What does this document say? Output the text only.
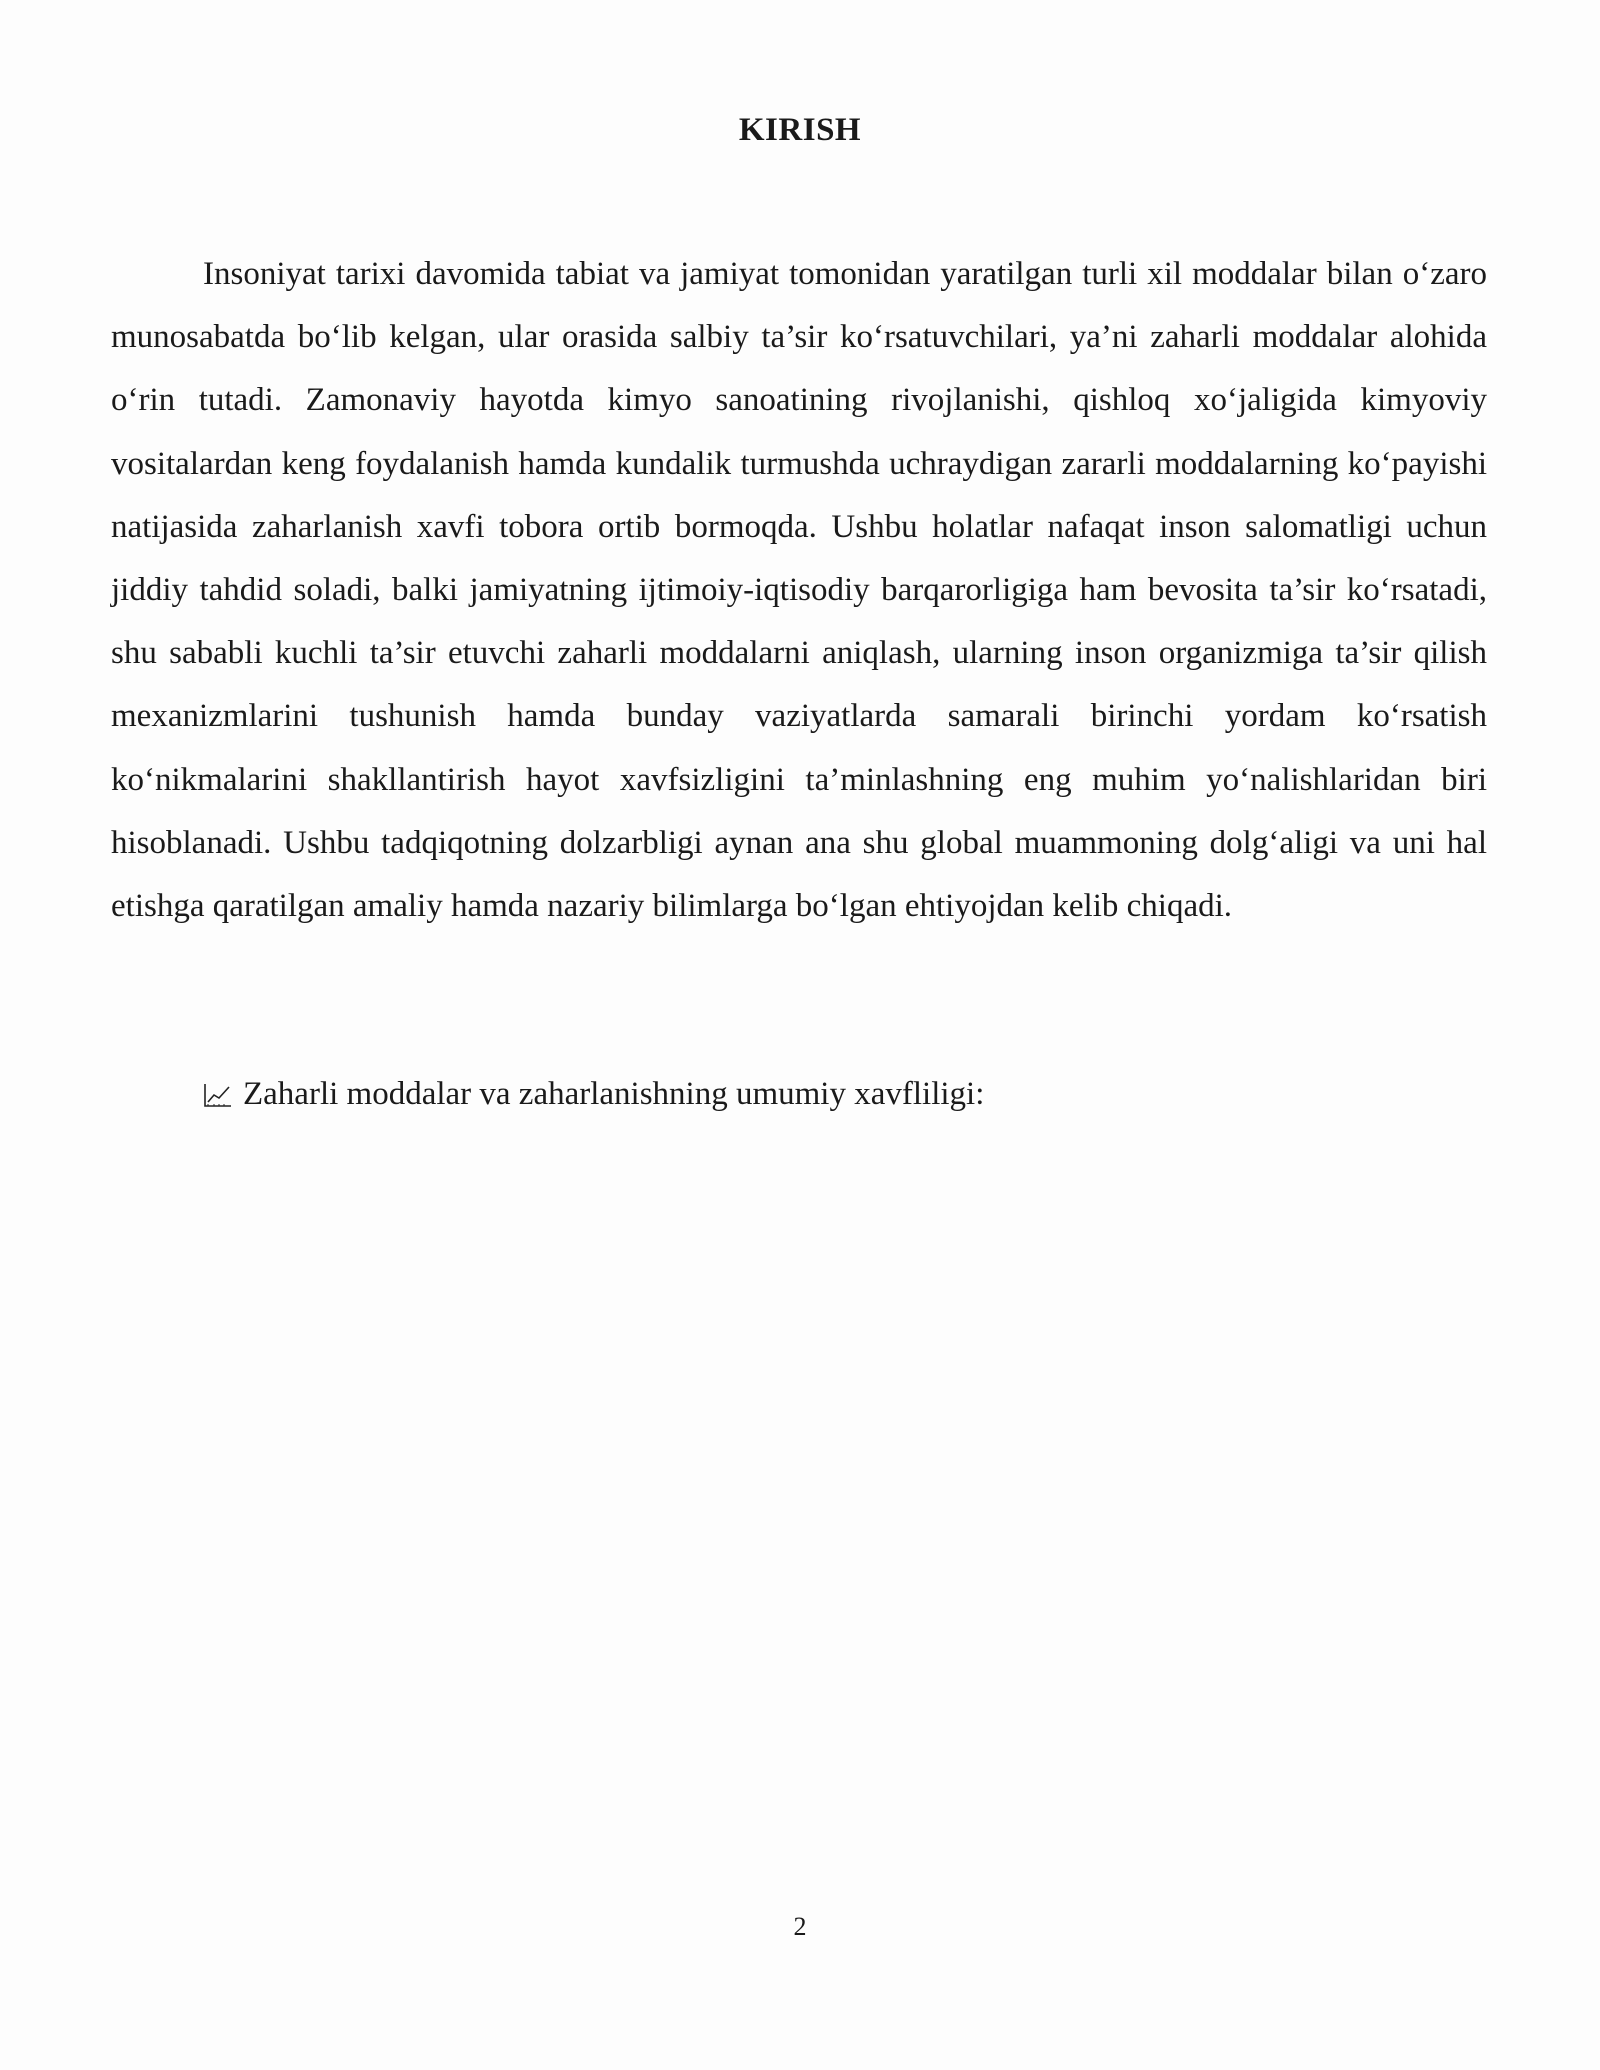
KIRISH

Insoniyat tarixi davomida tabiat va jamiyat tomonidan yaratilgan turli xil moddalar bilan o‘zaro munosabatda bo‘lib kelgan, ular orasida salbiy ta’sir ko‘rsatuvchilari, ya’ni zaharli moddalar alohida o‘rin tutadi. Zamonaviy hayotda kimyo sanoatining rivojlanishi, qishloq xo‘jaligida kimyoviy vositalardan keng foydalanish hamda kundalik turmushda uchraydigan zararli moddalarning ko‘payishi natijasida zaharlanish xavfi tobora ortib bormoqda. Ushbu holatlar nafaqat inson salomatligi uchun jiddiy tahdid soladi, balki jamiyatning ijtimoiy-iqtisodiy barqarorligiga ham bevosita ta’sir ko‘rsatadi, shu sababli kuchli ta’sir etuvchi zaharli moddalarni aniqlash, ularning inson organizmiga ta’sir qilish mexanizmlarini tushunish hamda bunday vaziyatlarda samarali birinchi yordam ko‘rsatish ko‘nikmalarini shakllantirish hayot xavfsizligini ta’minlashning eng muhim yo‘nalishlaridan biri hisoblanadi. Ushbu tadqiqotning dolzarbligi aynan ana shu global muammoning dolg‘aligi va uni hal etishga qaratilgan amaliy hamda nazariy bilimlarga bo‘lgan ehtiyojdan kelib chiqadi.

Zaharli moddalar va zaharlanishning umumiy xavfliligi:
2
